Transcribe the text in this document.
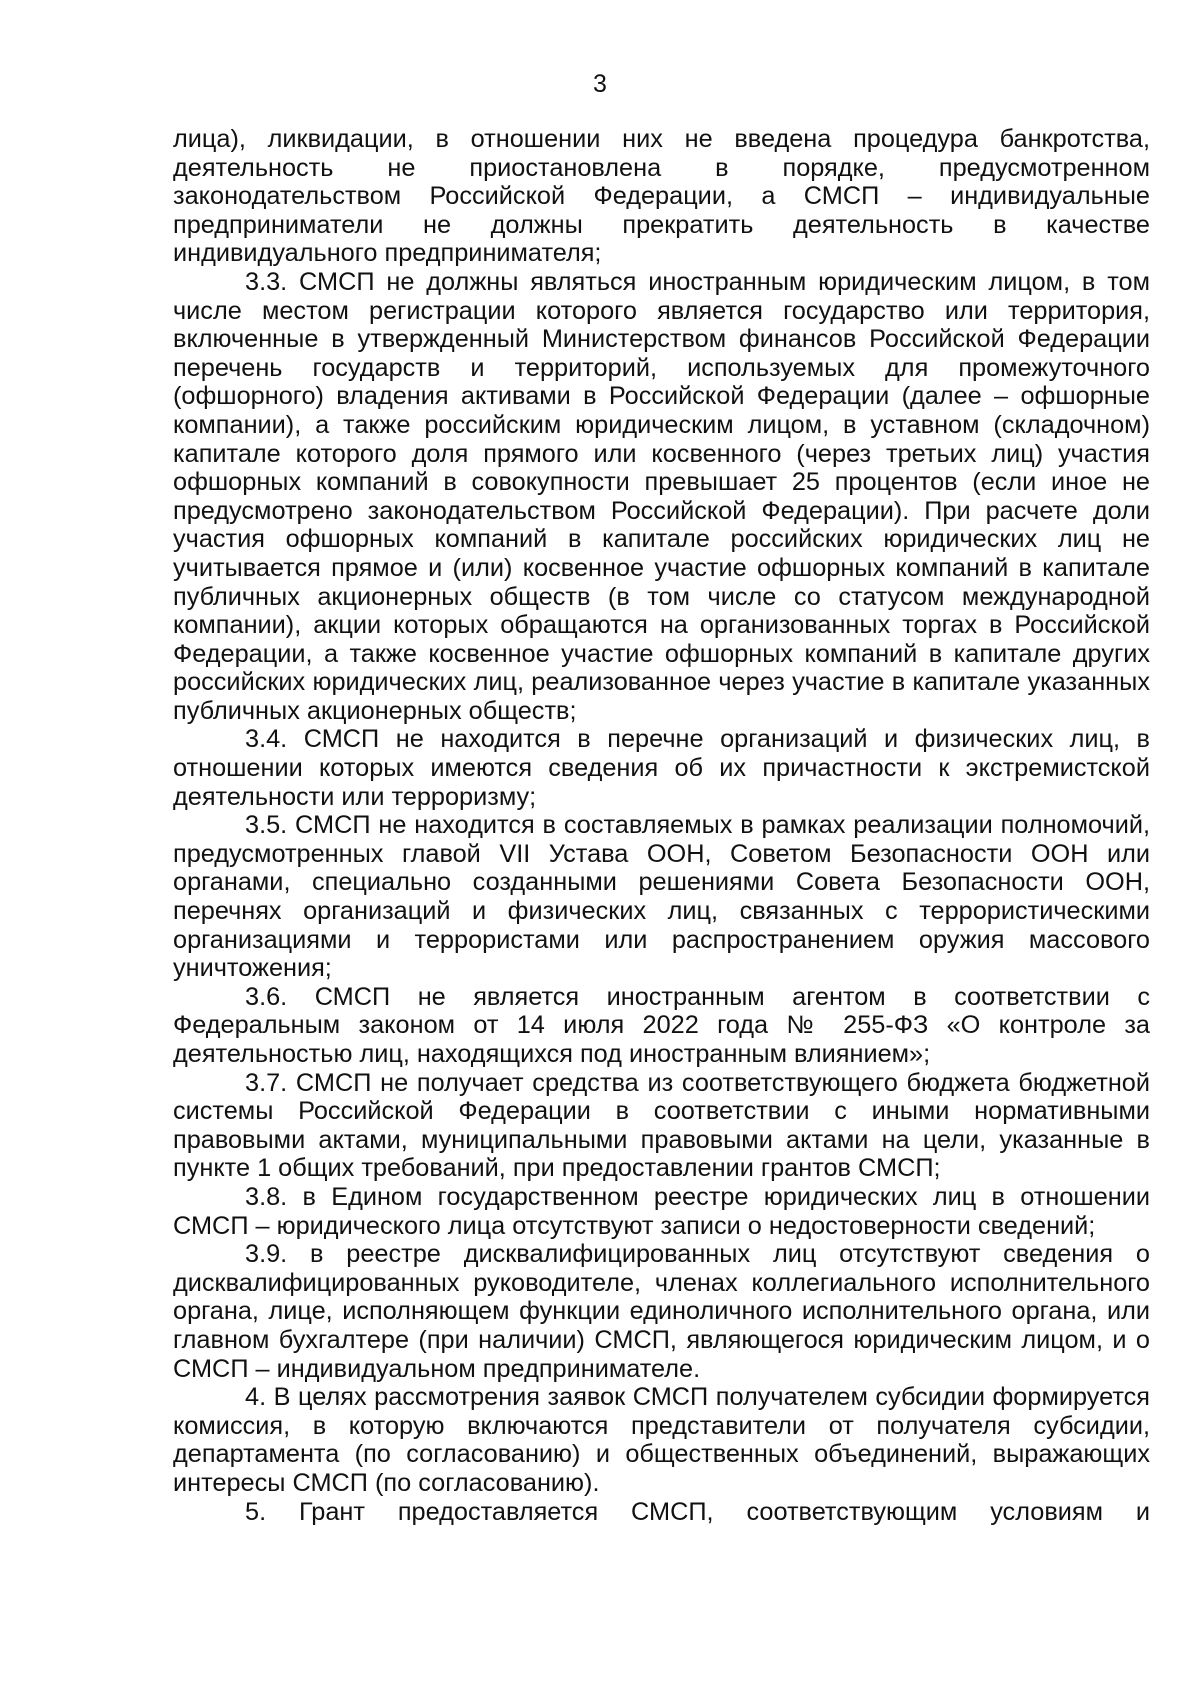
3

лица), ликвидации, в отношении них не введена процедура банкротства, деятельность не приостановлена в порядке, предусмотренном законодательством Российской Федерации, а СМСП – индивидуальные предприниматели не должны прекратить деятельность в качестве индивидуального предпринимателя;

3.3. СМСП не должны являться иностранным юридическим лицом, в том числе местом регистрации которого является государство или территория, включенные в утвержденный Министерством финансов Российской Федерации перечень государств и территорий, используемых для промежуточного (офшорного) владения активами в Российской Федерации (далее – офшорные компании), а также российским юридическим лицом, в уставном (складочном) капитале которого доля прямого или косвенного (через третьих лиц) участия офшорных компаний в совокупности превышает 25 процентов (если иное не предусмотрено законодательством Российской Федерации). При расчете доли участия офшорных компаний в капитале российских юридических лиц не учитывается прямое и (или) косвенное участие офшорных компаний в капитале публичных акционерных обществ (в том числе со статусом международной компании), акции которых обращаются на организованных торгах в Российской Федерации, а также косвенное участие офшорных компаний в капитале других российских юридических лиц, реализованное через участие в капитале указанных публичных акционерных обществ;

3.4. СМСП не находится в перечне организаций и физических лиц, в отношении которых имеются сведения об их причастности к экстремистской деятельности или терроризму;

3.5. СМСП не находится в составляемых в рамках реализации полномочий, предусмотренных главой VII Устава ООН, Советом Безопасности ООН или органами, специально созданными решениями Совета Безопасности ООН, перечнях организаций и физических лиц, связанных с террористическими организациями и террористами или распространением оружия массового уничтожения;

3.6. СМСП не является иностранным агентом в соответствии с Федеральным законом от 14 июля 2022 года № 255-ФЗ «О контроле за деятельностью лиц, находящихся под иностранным влиянием»;

3.7. СМСП не получает средства из соответствующего бюджета бюджетной системы Российской Федерации в соответствии с иными нормативными правовыми актами, муниципальными правовыми актами на цели, указанные в пункте 1 общих требований, при предоставлении грантов СМСП;

3.8. в Едином государственном реестре юридических лиц в отношении СМСП – юридического лица отсутствуют записи о недостоверности сведений;

3.9. в реестре дисквалифицированных лиц отсутствуют сведения о дисквалифицированных руководителе, членах коллегиального исполнительного органа, лице, исполняющем функции единоличного исполнительного органа, или главном бухгалтере (при наличии) СМСП, являющегося юридическим лицом, и о СМСП – индивидуальном предпринимателе.

4. В целях рассмотрения заявок СМСП получателем субсидии формируется комиссия, в которую включаются представители от получателя субсидии, департамента (по согласованию) и общественных объединений, выражающих интересы СМСП (по согласованию).

5. Грант предоставляется СМСП, соответствующим условиям и
